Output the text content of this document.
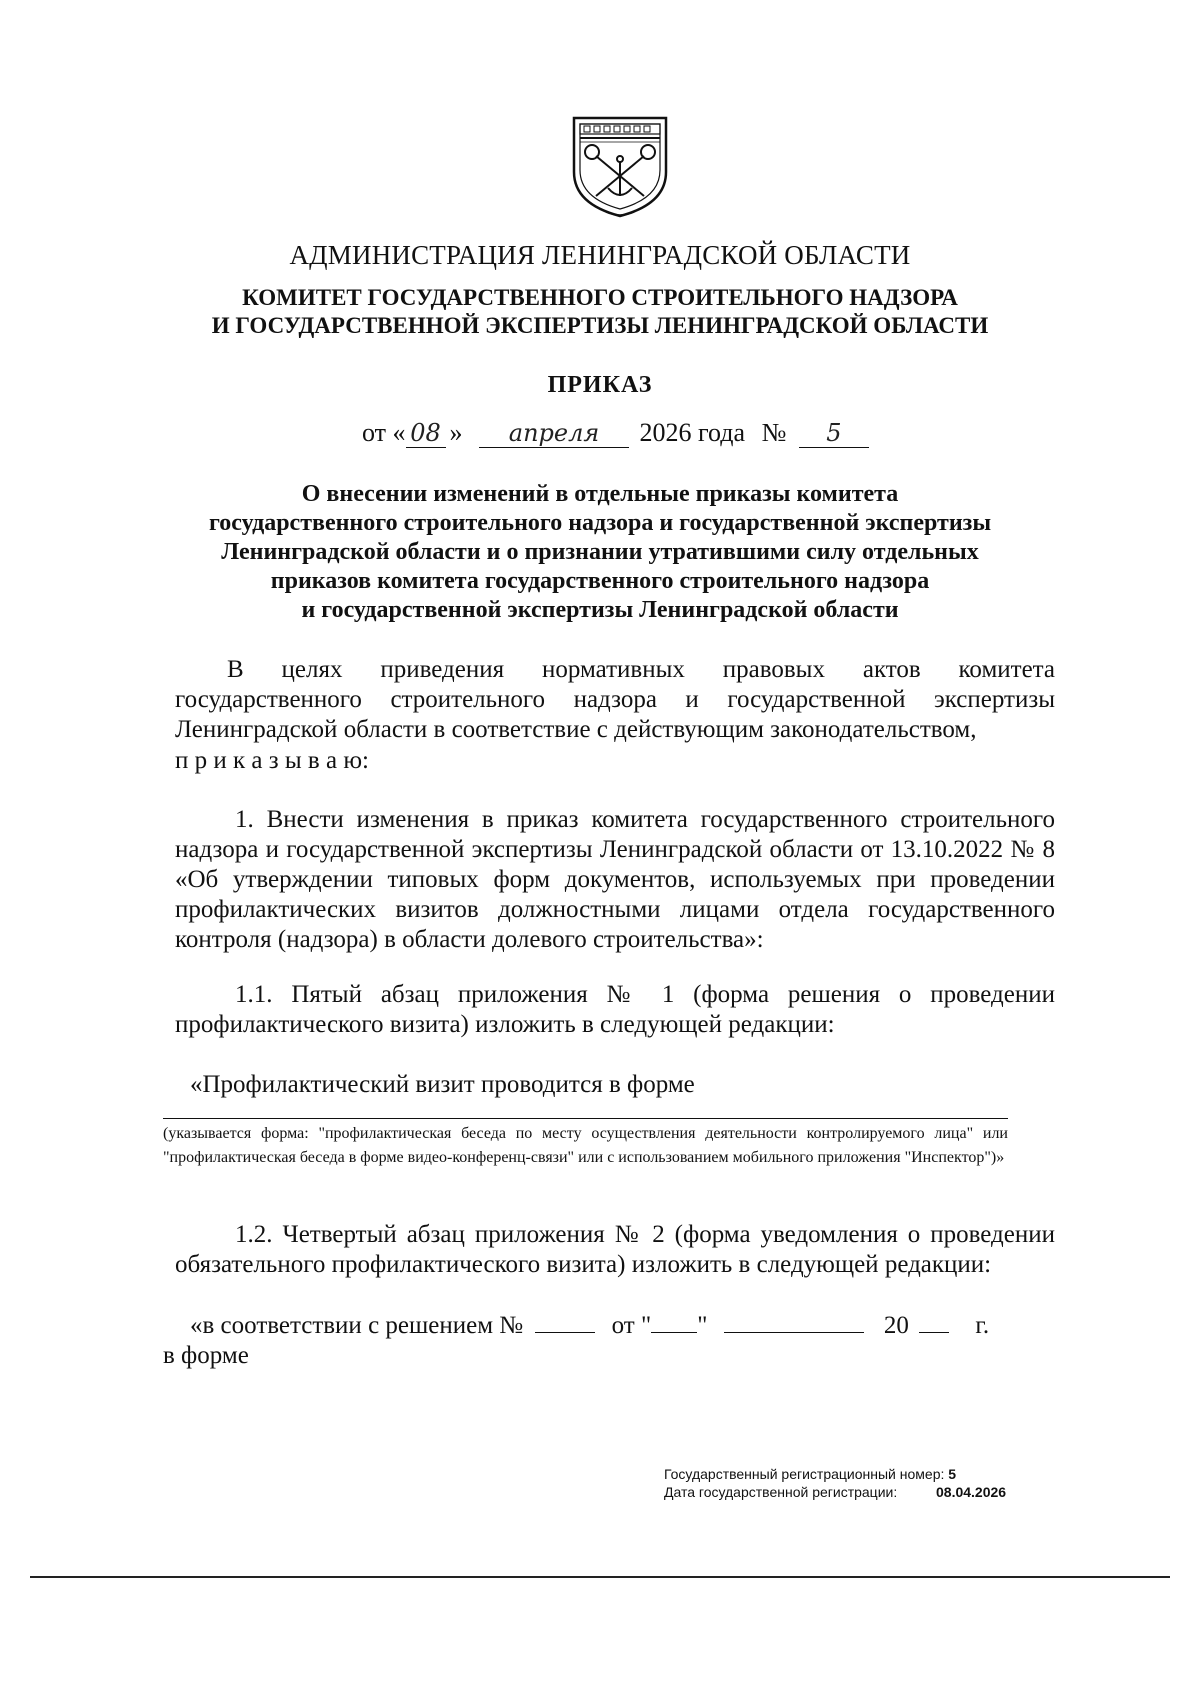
АДМИНИСТРАЦИЯ ЛЕНИНГРАДСКОЙ ОБЛАСТИ
КОМИТЕТ ГОСУДАРСТВЕННОГО СТРОИТЕЛЬНОГО НАДЗОРА
И ГОСУДАРСТВЕННОЙ ЭКСПЕРТИЗЫ ЛЕНИНГРАДСКОЙ ОБЛАСТИ
ПРИКАЗ
от « 08 » апреля 2026 года № 5
О внесении изменений в отдельные приказы комитета
государственного строительного надзора и государственной экспертизы
Ленинградской области и о признании утратившими силу отдельных
приказов комитета государственного строительного надзора
и государственной экспертизы Ленинградской области
В целях приведения нормативных правовых актов комитета государственного строительного надзора и государственной экспертизы Ленинградской области в соответствие с действующим законодательством,
п р и к а з ы в а ю:
1. Внести изменения в приказ комитета государственного строительного надзора и государственной экспертизы Ленинградской области от 13.10.2022 № 8 «Об утверждении типовых форм документов, используемых при проведении профилактических визитов должностными лицами отдела государственного контроля (надзора) в области долевого строительства»:
1.1. Пятый абзац приложения № 1 (форма решения о проведении профилактического визита) изложить в следующей редакции:
«Профилактический визит проводится в форме
(указывается форма: "профилактическая беседа по месту осуществления деятельности контролируемого лица" или "профилактическая беседа в форме видео-конференц-связи" или с использованием мобильного приложения "Инспектор")»
1.2. Четвертый абзац приложения № 2 (форма уведомления о проведении обязательного профилактического визита) изложить в следующей редакции:
«в соответствии с решением №	от " "	20	г.
в форме
Государственный регистрационный номер: 5
Дата государственной регистрации:	08.04.2026
